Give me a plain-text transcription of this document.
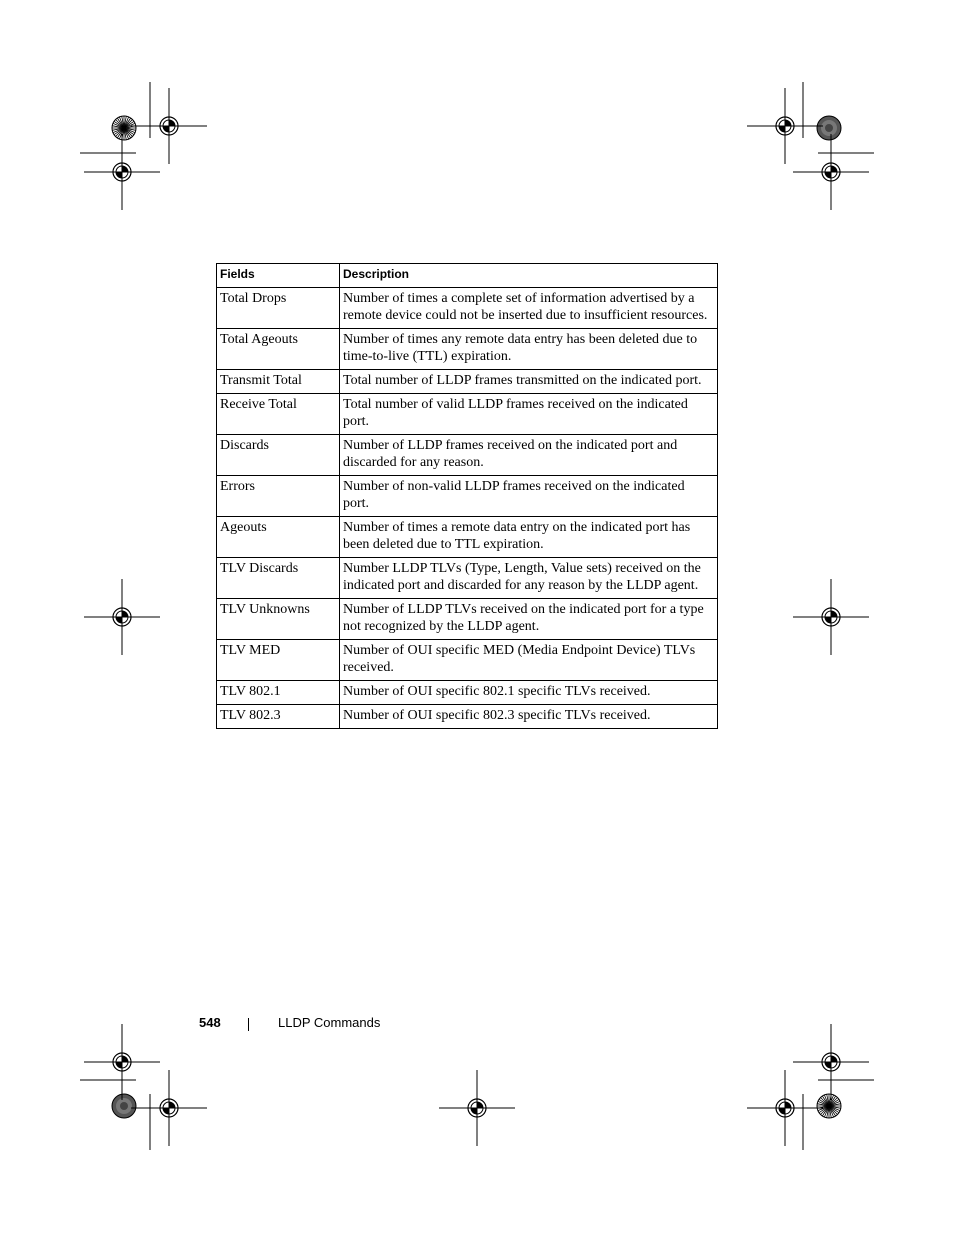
Fields	Description
Total Drops	Number of times a complete set of information advertised by a remote device could not be inserted due to insufficient resources.
Total Ageouts	Number of times any remote data entry has been deleted due to time-to-live (TTL) expiration.
Transmit Total	Total number of LLDP frames transmitted on the indicated port.
Receive Total	Total number of valid LLDP frames received on the indicated port.
Discards	Number of LLDP frames received on the indicated port and discarded for any reason.
Errors	Number of non-valid LLDP frames received on the indicated port.
Ageouts	Number of times a remote data entry on the indicated port has been deleted due to TTL expiration.
TLV Discards	Number LLDP TLVs (Type, Length, Value sets) received on the indicated port and discarded for any reason by the LLDP agent.
TLV Unknowns	Number of LLDP TLVs received on the indicated port for a type not recognized by the LLDP agent.
TLV MED	Number of OUI specific MED (Media Endpoint Device) TLVs received.
TLV 802.1	Number of OUI specific 802.1 specific TLVs received.
TLV 802.3	Number of OUI specific 802.3 specific TLVs received.
548	LLDP Commands
